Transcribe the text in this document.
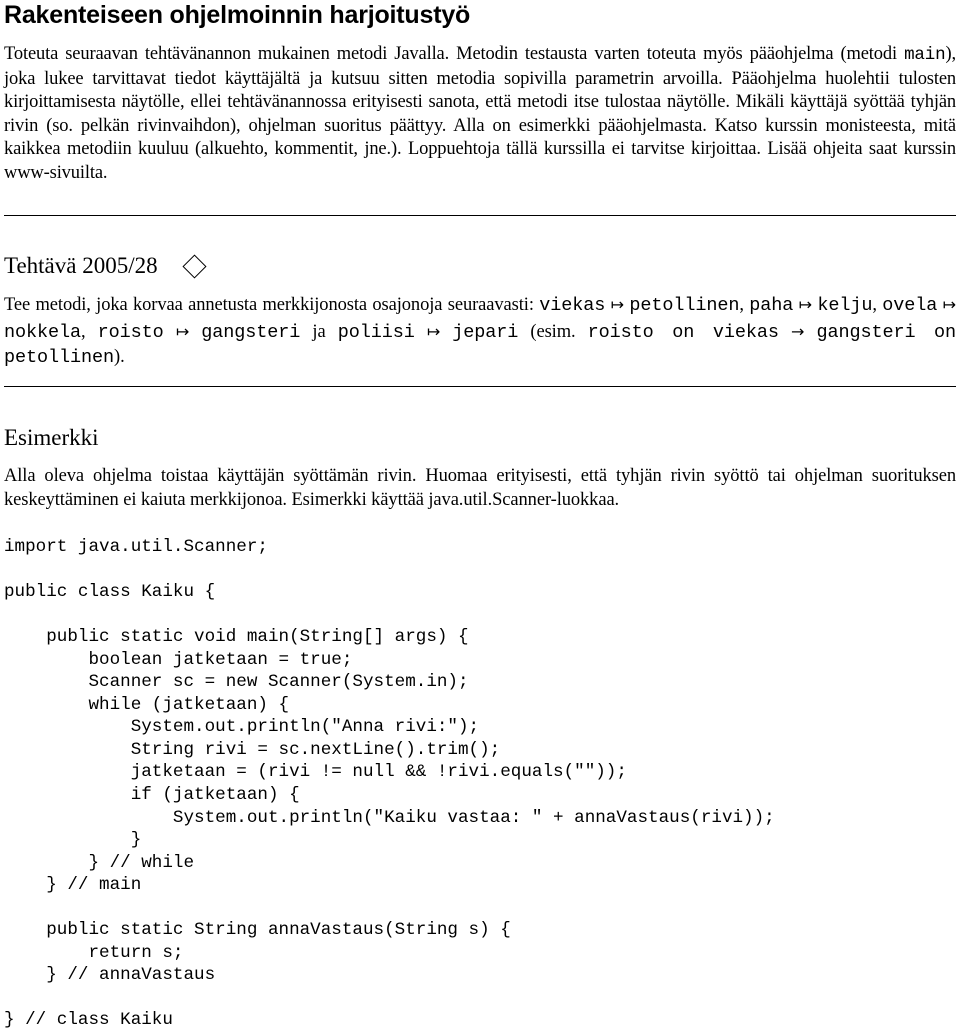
Rakenteiseen ohjelmoinnin harjoitustyö

Toteuta seuraavan tehtävänannon mukainen metodi Javalla. Metodin testausta varten toteuta myös pääohjelma (metodi main), joka lukee tarvittavat tiedot käyttäjältä ja kutsuu sitten metodia sopivilla parametrin arvoilla. Pääohjelma huolehtii tulosten kirjoittamisesta näytölle, ellei tehtävänannossa erityisesti sanota, että metodi itse tulostaa näytölle. Mikäli käyttäjä syöttää tyhjän rivin (so. pelkän rivinvaihdon), ohjelman suoritus päättyy. Alla on esimerkki pääohjelmasta. Katso kurssin monisteesta, mitä kaikkea metodiin kuuluu (alkuehto, kommentit, jne.). Loppuehtoja tällä kurssilla ei tarvitse kirjoittaa. Lisää ohjeita saat kurssin www-sivuilta.

Tehtävä 2005/28

Tee metodi, joka korvaa annetusta merkkijonosta osajonoja seuraavasti: viekas ↦ petollinen, paha ↦ kelju, ovela ↦ nokkela, roisto ↦ gangsteri ja poliisi ↦ jepari (esim. roisto on viekas → gangsteri on petollinen).

Esimerkki

Alla oleva ohjelma toistaa käyttäjän syöttämän rivin. Huomaa erityisesti, että tyhjän rivin syöttö tai ohjelman suorituksen keskeyttäminen ei kaiuta merkkijonoa. Esimerkki käyttää java.util.Scanner-luokkaa.

import java.util.Scanner;

public class Kaiku {

public static void main(String[] args) {
boolean jatketaan = true;
Scanner sc = new Scanner(System.in);
while (jatketaan) {
System.out.println("Anna rivi:");
String rivi = sc.nextLine().trim();
jatketaan = (rivi != null && !rivi.equals(""));
if (jatketaan) {
System.out.println("Kaiku vastaa: " + annaVastaus(rivi));
}
} // while
} // main

public static String annaVastaus(String s) {
return s;
} // annaVastaus

} // class Kaiku
